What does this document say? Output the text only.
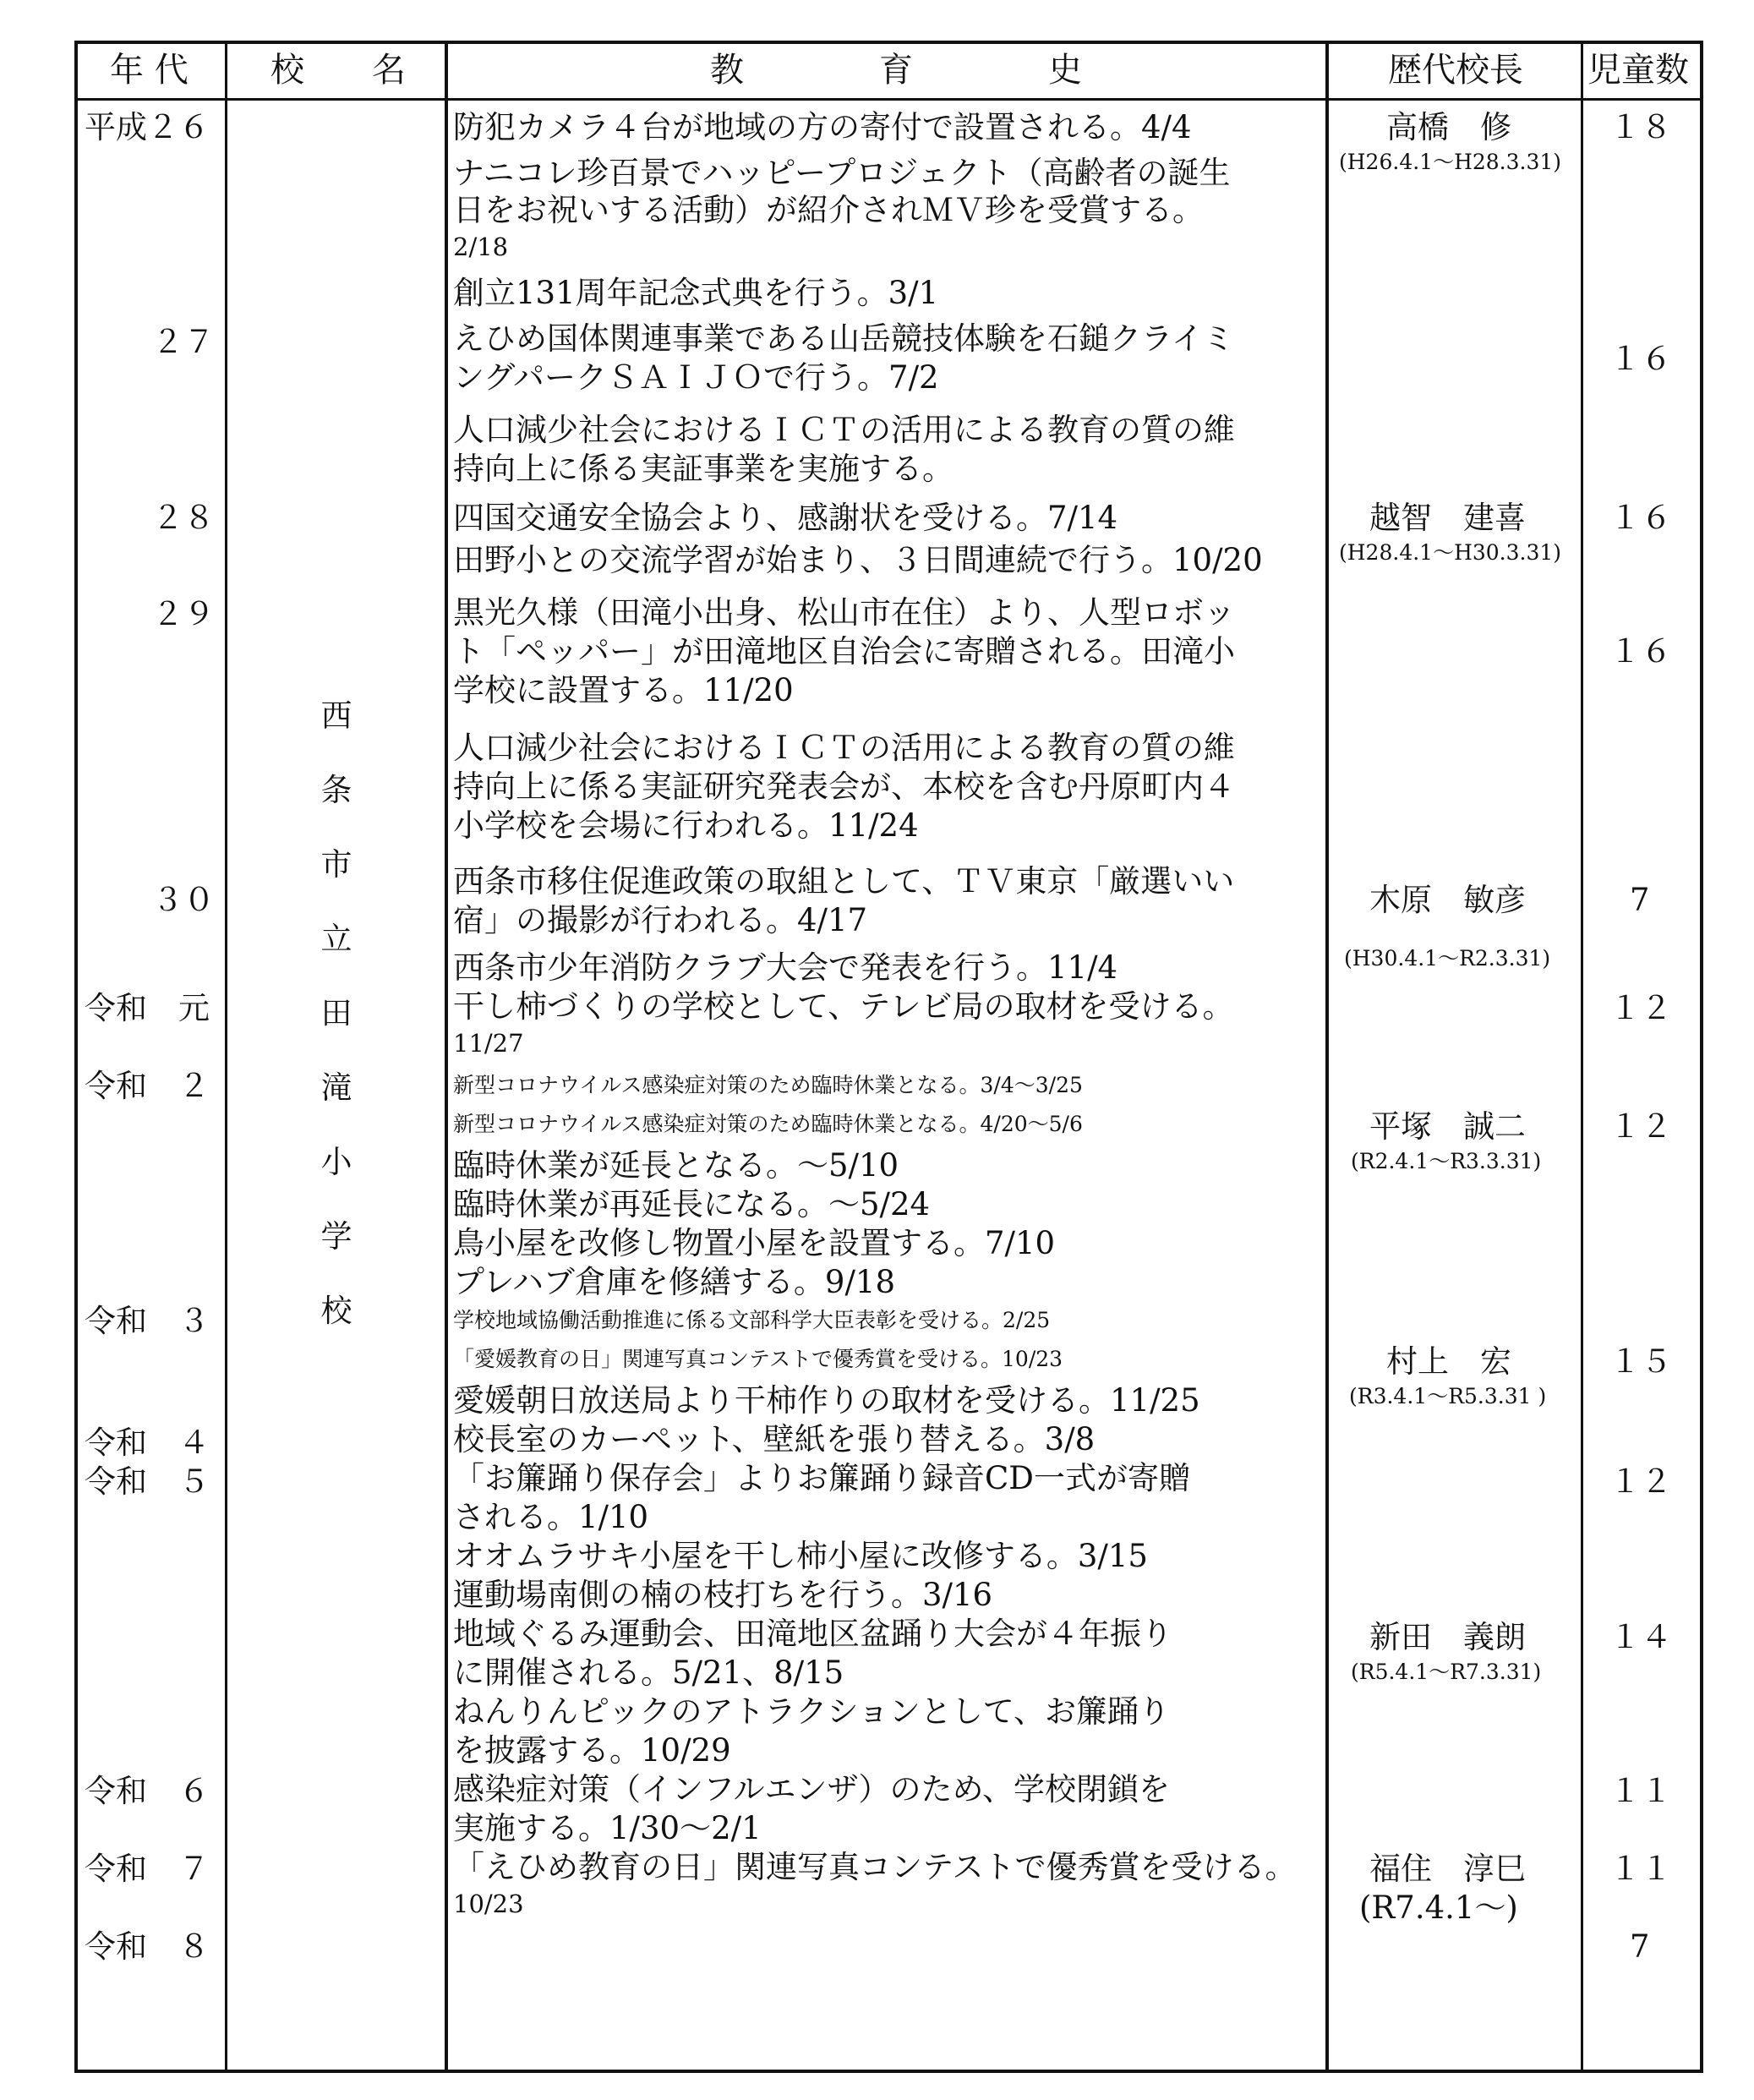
年 代 校　　名	教　　　　育　　　　史	歴代校長 児童数
平成２６
２７
２８
２９
３０
令和　元
令和　２
令和　３
令和　４
令和　５
令和　６
令和　７
令和　８
西
条
市
立
田
滝
小
学
校
防犯カメラ４台が地域の方の寄付で設置される。4/4
ナニコレ珍百景でハッピープロジェクト（高齢者の誕生
日をお祝いする活動）が紹介されＭＶ珍を受賞する。
2/18
創立131周年記念式典を行う。3/1
えひめ国体関連事業である山岳競技体験を石鎚クライミ
ングパークＳＡＩＪＯで行う。7/2
人口減少社会におけるＩＣＴの活用による教育の質の維
持向上に係る実証事業を実施する。
四国交通安全協会より、感謝状を受ける。7/14
田野小との交流学習が始まり、３日間連続で行う。10/20
黒光久様（田滝小出身、松山市在住）より、人型ロボッ
ト「ペッパー」が田滝地区自治会に寄贈される。田滝小
学校に設置する。11/20
人口減少社会におけるＩＣＴの活用による教育の質の維
持向上に係る実証研究発表会が、本校を含む丹原町内４
小学校を会場に行われる。11/24
西条市移住促進政策の取組として、ＴＶ東京「厳選いい
宿」の撮影が行われる。4/17
西条市少年消防クラブ大会で発表を行う。11/4
干し柿づくりの学校として、テレビ局の取材を受ける。
11/27
新型コロナウイルス感染症対策のため臨時休業となる。3/4～3/25
新型コロナウイルス感染症対策のため臨時休業となる。4/20～5/6
臨時休業が延長となる。～5/10
臨時休業が再延長になる。～5/24
鳥小屋を改修し物置小屋を設置する。7/10
プレハブ倉庫を修繕する。9/18
学校地域協働活動推進に係る文部科学大臣表彰を受ける。2/25
「愛媛教育の日」関連写真コンテストで優秀賞を受ける。10/23
愛媛朝日放送局より干柿作りの取材を受ける。11/25
校長室のカーペット、壁紙を張り替える。3/8
「お簾踊り保存会」よりお簾踊り録音CD一式が寄贈
される。1/10
オオムラサキ小屋を干し柿小屋に改修する。3/15
運動場南側の楠の枝打ちを行う。3/16
地域ぐるみ運動会、田滝地区盆踊り大会が４年振り
に開催される。5/21、8/15
ねんりんピックのアトラクションとして、お簾踊り
を披露する。10/29
感染症対策（インフルエンザ）のため、学校閉鎖を
実施する。1/30～2/1
「えひめ教育の日」関連写真コンテストで優秀賞を受ける。
10/23
高橋　修
(H26.4.1～H28.3.31)
越智　建喜
(H28.4.1～H30.3.31)
木原　敏彦
(H30.4.1～R2.3.31)
平塚　誠二
(R2.4.1～R3.3.31)
村上　宏
(R3.4.1～R5.3.31 )
新田　義朗
(R5.4.1～R7.3.31)
福住　淳巳
(R7.4.1～)
１８
１６
１６
１６
7
１２
１２
１５
１２
１４
１１
１１
7
